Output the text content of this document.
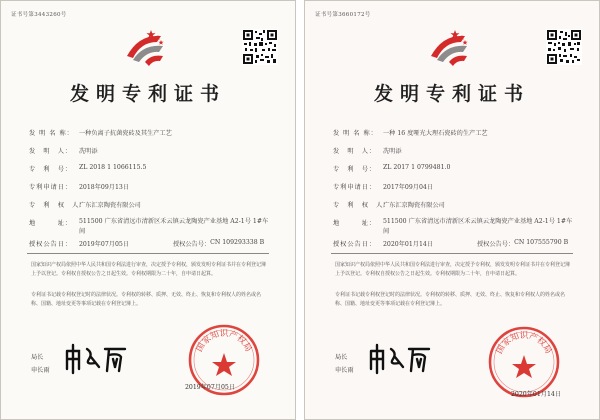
证书号第3443260号
发明专利证书
发 明 名 称： 一种负离子抗菌瓷砖及其生产工艺
发　明　人：	冼明添
专　利　号：	ZL 2018 1 1066115.5
专利申请日：	2018年09月13日
专　利　权　人：
广东汇京陶瓷有限公司
地　　　址：	511500 广东省清远市清新区禾云镇云龙陶瓷产业基地 A2-1号 1#车间
授权公告日：	2019年07月05日	授权公告号： CN 109293338 B
国家知识产权局依照中华人民共和国专利法进行审查，决定授予专利权，颁发发明专利证书并在专利登记簿上予以登记。专利权自授权公告之日起生效。专利权期限为二十年，自申请日起算。
专利证书记载专利权登记时的法律状况。专利权的转移、质押、无效、终止、恢复和专利权人的姓名或名称、国籍、地址变更等事项记载在专利登记簿上。
局长
申长雨
国家知识产权局
2019年07月05日
证书号第3660172号
发明专利证书
发 明 名 称： 一种 16 度哑光大理石瓷砖的生产工艺
发　明　人：	冼明添
专　利　号：	ZL 2017 1 0799481.0
专利申请日：	2017年09月04日
专　利　权　人：
广东汇京陶瓷有限公司
地　　　址：	511500 广东省清远市清新区禾云镇云龙陶瓷产业基地 A2-1号 1#车间
授权公告日：	2020年01月14日	授权公告号： CN 107555790 B
国家知识产权局依照中华人民共和国专利法进行审查，决定授予专利权，颁发发明专利证书并在专利登记簿上予以登记。专利权自授权公告之日起生效。专利权期限为二十年，自申请日起算。
专利证书记载专利权登记时的法律状况。专利权的转移、质押、无效、终止、恢复和专利权人的姓名或名称、国籍、地址变更等事项记载在专利登记簿上。
局长
申长雨
国家知识产权局
2020年01月14日
